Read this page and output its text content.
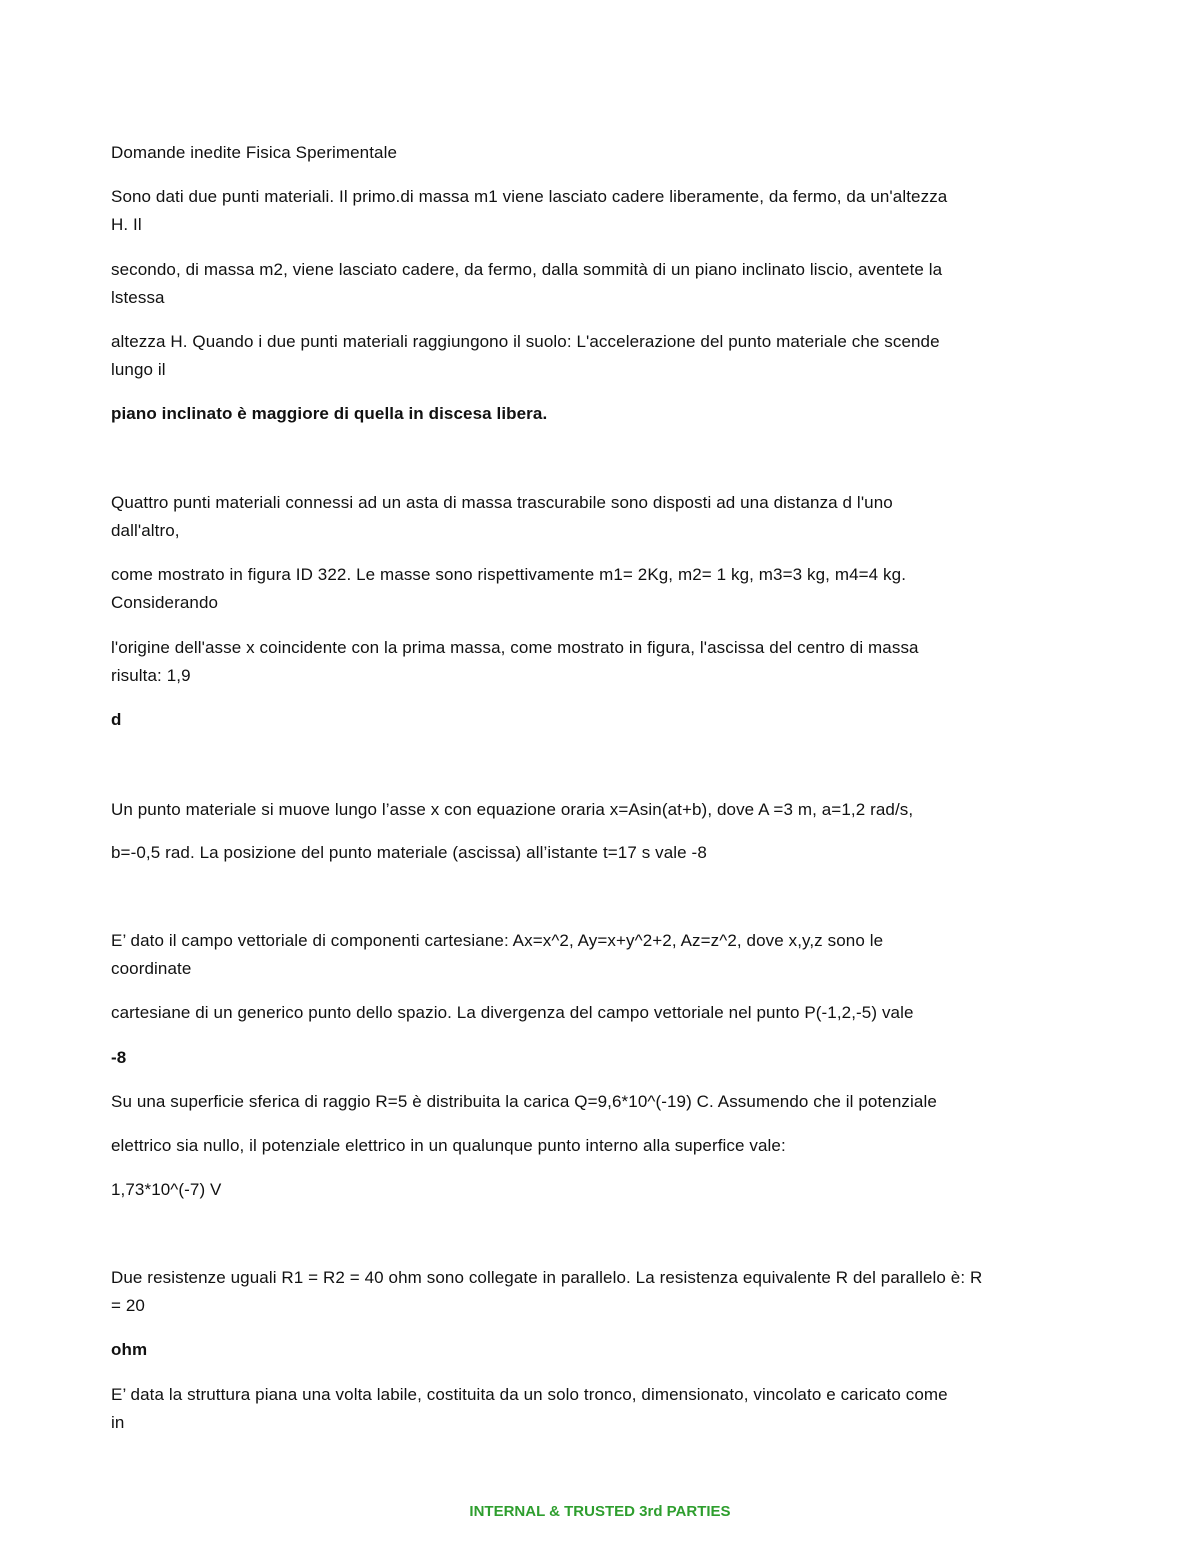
Domande inedite Fisica Sperimentale
Sono dati due punti materiali. Il primo.di massa m1 viene lasciato cadere liberamente, da fermo, da un'altezza
H. Il
secondo, di massa m2, viene lasciato cadere, da fermo, dalla sommità di un piano inclinato liscio, aventete la
lstessa
altezza H. Quando i due punti materiali raggiungono il suolo: L'accelerazione del punto materiale che scende
lungo il
piano inclinato è maggiore di quella in discesa libera.
Quattro punti materiali connessi ad un asta di massa trascurabile sono disposti ad una distanza d l'uno
dall'altro,
come mostrato in figura ID 322. Le masse sono rispettivamente m1= 2Kg, m2= 1 kg, m3=3 kg, m4=4 kg.
Considerando
l'origine dell'asse x coincidente con la prima massa, come mostrato in figura, l'ascissa del centro di massa
risulta: 1,9
d
Un punto materiale si muove lungo l’asse x con equazione oraria x=Asin(at+b), dove A =3 m, a=1,2 rad/s,
b=-0,5 rad. La posizione del punto materiale (ascissa) all’istante t=17 s vale -8
E’ dato il campo vettoriale di componenti cartesiane: Ax=x^2, Ay=x+y^2+2, Az=z^2, dove x,y,z sono le
coordinate
cartesiane di un generico punto dello spazio. La divergenza del campo vettoriale nel punto P(-1,2,-5) vale
-8
Su una superficie sferica di raggio R=5 è distribuita la carica Q=9,6*10^(-19) C. Assumendo che il potenziale
elettrico sia nullo, il potenziale elettrico in un qualunque punto interno alla superfice vale:
1,73*10^(-7) V
Due resistenze uguali R1 = R2 = 40 ohm sono collegate in parallelo. La resistenza equivalente R del parallelo è: R
= 20
ohm
E’ data la struttura piana una volta labile, costituita da un solo tronco, dimensionato, vincolato e caricato come
in
INTERNAL & TRUSTED 3rd PARTIES
